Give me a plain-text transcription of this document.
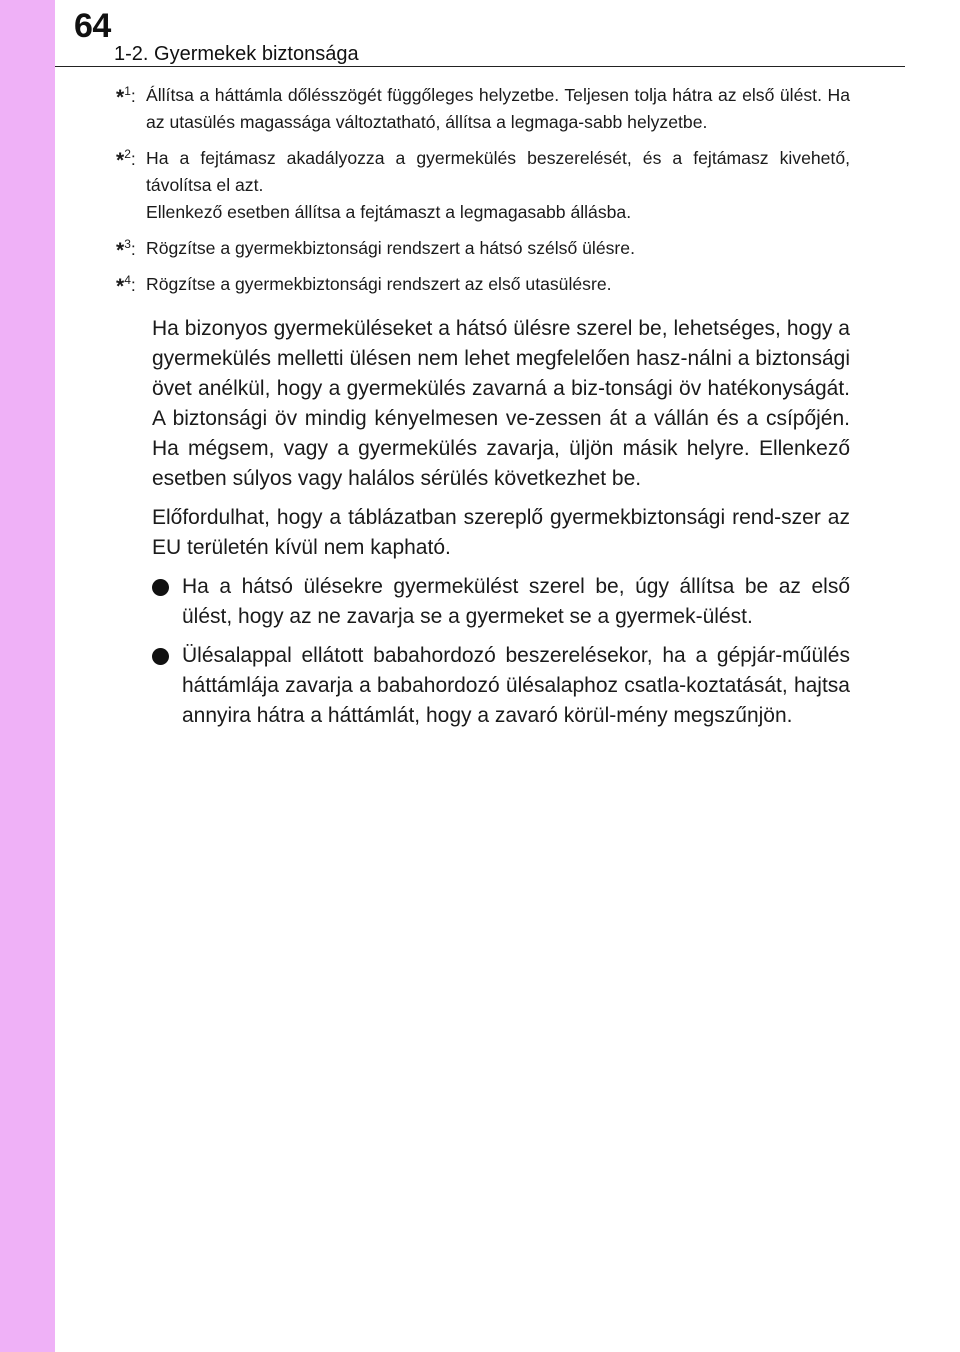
64
1-2. Gyermekek biztonsága
*$^1$: Állítsa a háttámla dőlésszögét függőleges helyzetbe. Teljesen tolja hátra az első ülést. Ha az utasülés magassága változtatható, állítsa a legmaga-sabb helyzetbe.
*$^2$: Ha a fejtámasz akadályozza a gyermekülés beszerelését, és a fejtámasz kivehető, távolítsa el azt.
Ellenkező esetben állítsa a fejtámaszt a legmagasabb állásba.
*$^3$: Rögzítse a gyermekbiztonsági rendszert a hátsó szélső ülésre.
*$^4$: Rögzítse a gyermekbiztonsági rendszert az első utasülésre.

Ha bizonyos gyermeküléseket a hátsó ülésre szerel be, lehetséges, hogy a gyermekülés melletti ülésen nem lehet megfelelően hasz-nálni a biztonsági övet anélkül, hogy a gyermekülés zavarná a biz-tonsági öv hatékonyságát. A biztonsági öv mindig kényelmesen ve-zessen át a vállán és a csípőjén. Ha mégsem, vagy a gyermekülés zavarja, üljön másik helyre. Ellenkező esetben súlyos vagy halálos sérülés következhet be.

Előfordulhat, hogy a táblázatban szereplő gyermekbiztonsági rend-szer az EU területén kívül nem kapható.

Ha a hátsó ülésekre gyermekülést szerel be, úgy állítsa be az első ülést, hogy az ne zavarja se a gyermeket se a gyermek-ülést.
Ülésalappal ellátott babahordozó beszerelésekor, ha a gépjár-műülés háttámlája zavarja a babahordozó ülésalaphoz csatla-koztatását, hajtsa annyira hátra a háttámlát, hogy a zavaró körül-mény megszűnjön.
